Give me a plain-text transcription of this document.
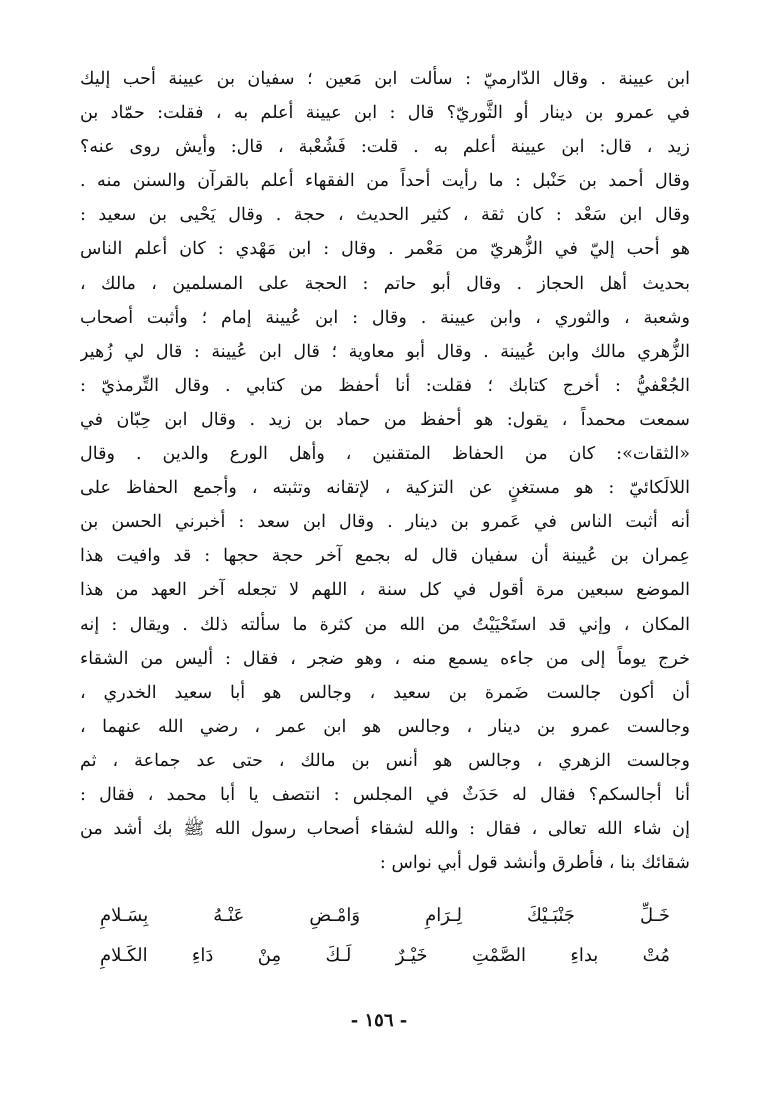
ابن عيينة . وقال الدّارميّ : سألت ابن مَعين ؛ سفيان بن عيينة أحب إليك
في عمرو بن دينار أو الثَّوريّ؟ قال : ابن عيينة أعلم به ، فقلت: حمّاد بن
زيد ، قال: ابن عيينة أعلم به . قلت: فَشُعْبة ، قال: وأيش روى عنه؟
وقال أحمد بن حَنْبل : ما رأيت أحداً من الفقهاء أعلم بالقرآن والسنن منه .
وقال ابن سَعْد : كان ثقة ، كثير الحديث ، حجة . وقال يَحْيى بن سعيد :
هو أحب إليّ في الزُّهريّ من مَعْمر . وقال : ابن مَهْدي : كان أعلم الناس
بحديث أهل الحجاز . وقال أبو حاتم : الحجة على المسلمين ، مالك ،
وشعبة ، والثوري ، وابن عيينة . وقال : ابن عُيينة إمام ؛ وأثبت أصحاب
الزُّهري مالك وابن عُيينة . وقال أبو معاوية ؛ قال ابن عُيينة : قال لي زُهير
الجُعْفيُّ : أخرج كتابك ؛ فقلت: أنا أحفظ من كتابي . وقال التِّرمذيّ :
سمعت محمداً ، يقول: هو أحفظ من حماد بن زيد . وقال ابن حِبّان في
«الثقات»: كان من الحفاظ المتقنين ، وأهل الورع والدين . وقال
اللالَكائيّ : هو مستغنٍ عن التزكية ، لإتقانه وتثبته ، وأجمع الحفاظ على
أنه أثبت الناس في عَمرو بن دينار . وقال ابن سعد : أخبرني الحسن بن
عِمران بن عُيينة أن سفيان قال له بجمع آخر حجة حجها : قد وافيت هذا
الموضع سبعين مرة أقول في كل سنة ، اللهم لا تجعله آخر العهد من هذا
المكان ، وإني قد استَحْيَيْتُ من الله من كثرة ما سألته ذلك . ويقال : إنه
خرج يوماً إلى من جاءه يسمع منه ، وهو ضجر ، فقال : أليس من الشقاء
أن أكون جالست ضَمرة بن سعيد ، وجالس هو أبا سعيد الخدري ،
وجالست عمرو بن دينار ، وجالس هو ابن عمر ، رضي الله عنهما ،
وجالست الزهري ، وجالس هو أنس بن مالك ، حتى عد جماعة ، ثم
أنا أجالسكم؟ فقال له حَدَثٌ في المجلس : انتصف يا أبا محمد ، فقال :
إن شاء الله تعالى ، فقال : والله لشقاء أصحاب رسول الله ﷺ بك أشد من
شقائك بنا ، فأطرق وأنشد قول أبي نواس :
خَـلِّ جَنْبَـيْكَ لِـرَامِ وَامْـضِ عَنْـهُ بِسَـلامِ
مُتْ بداءِ الصَّمْتِ خَيْـرٌ لَـكَ مِنْ دَاءِ الكَـلامِ
- ١٥٦ -
